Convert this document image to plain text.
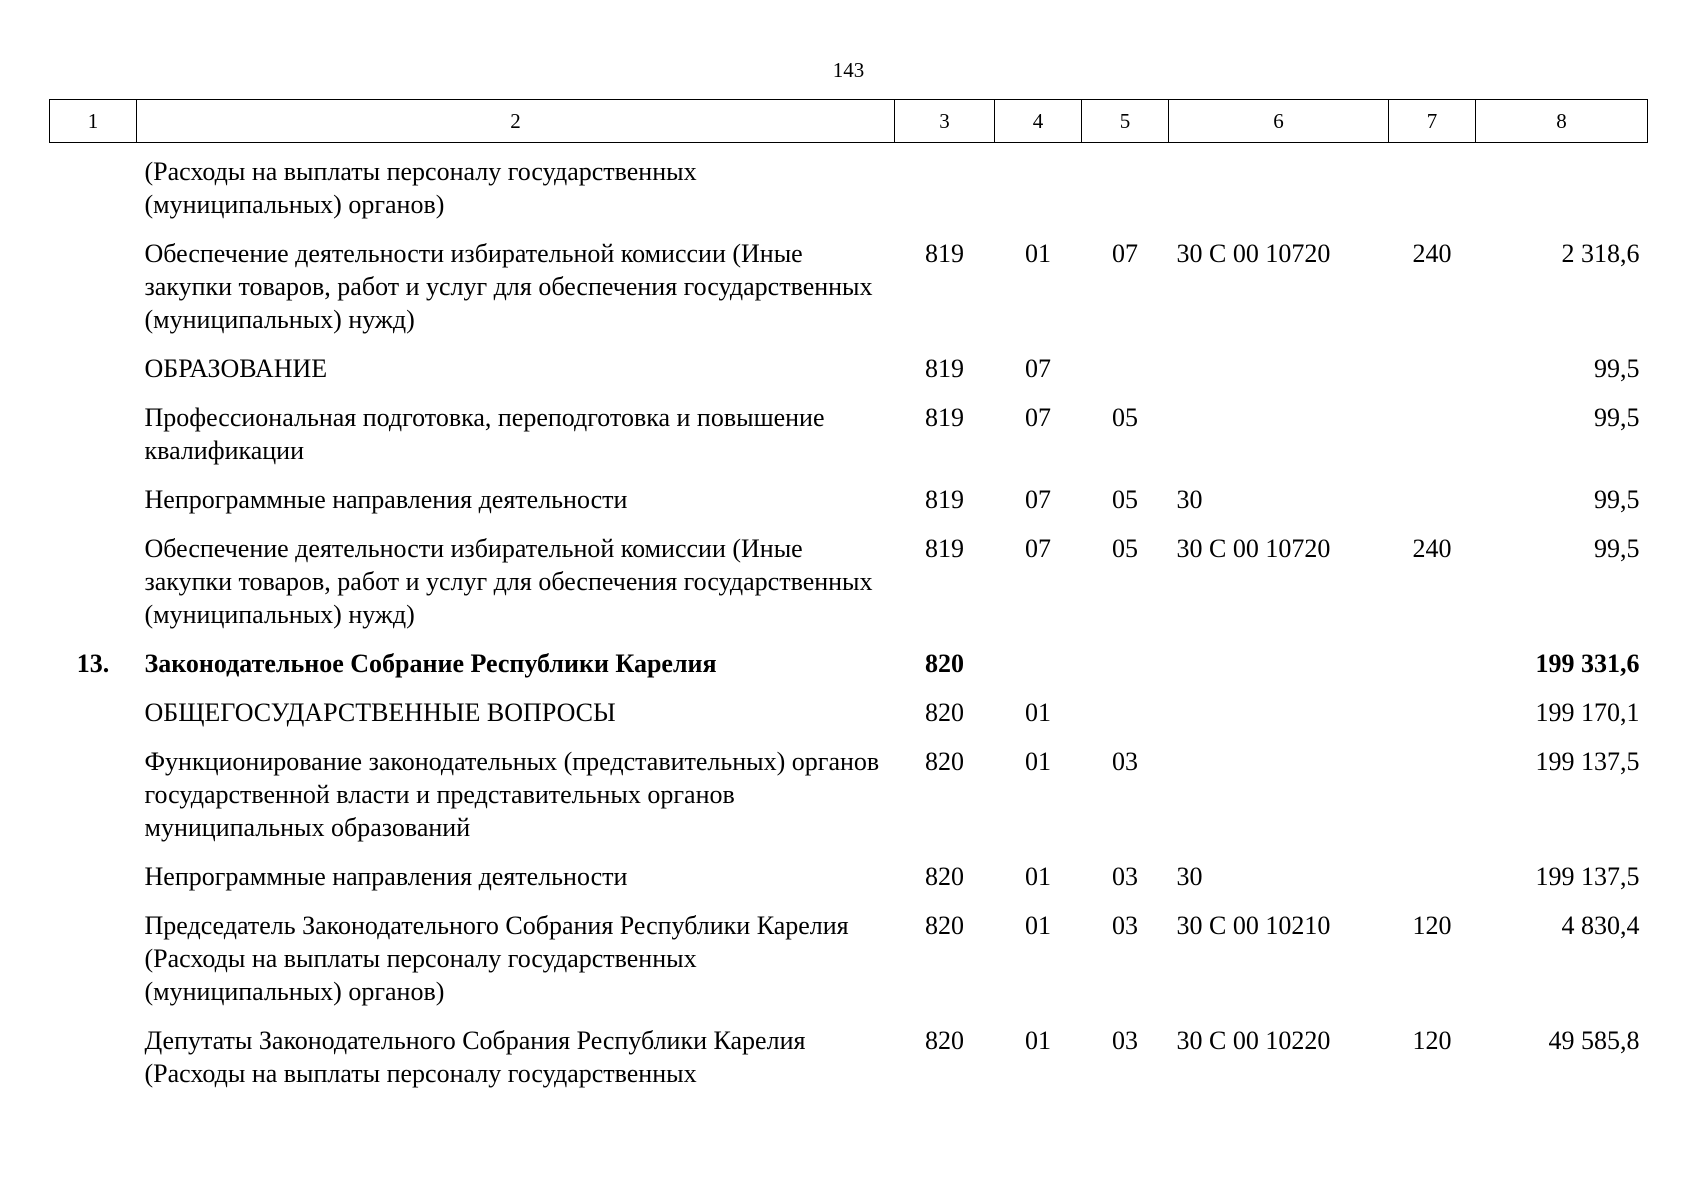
143
1	2	3	4	5	6	7	8
	(Расходы на выплаты персоналу государственных (муниципальных) органов)						
	Обеспечение деятельности избирательной комиссии (Иные закупки товаров, работ и услуг для обеспечения государственных (муниципальных) нужд)	819	01	07	30 С 00 10720	240	2 318,6
	ОБРАЗОВАНИЕ	819	07				99,5
	Профессиональная подготовка, переподготовка и повышение квалификации	819	07	05			99,5
	Непрограммные направления деятельности	819	07	05	30		99,5
	Обеспечение деятельности избирательной комиссии (Иные закупки товаров, работ и услуг для обеспечения государственных (муниципальных) нужд)	819	07	05	30 С 00 10720	240	99,5
13.	Законодательное Собрание Республики Карелия	820					199 331,6
	ОБЩЕГОСУДАРСТВЕННЫЕ ВОПРОСЫ	820	01				199 170,1
	Функционирование законодательных (представительных) органов государственной власти и представительных органов муниципальных образований	820	01	03			199 137,5
	Непрограммные направления деятельности	820	01	03	30		199 137,5
	Председатель Законодательного Собрания Республики Карелия (Расходы на выплаты персоналу государственных (муниципальных) органов)	820	01	03	30 С 00 10210	120	4 830,4
	Депутаты Законодательного Собрания Республики Карелия (Расходы на выплаты персоналу государственных	820	01	03	30 С 00 10220	120	49 585,8
